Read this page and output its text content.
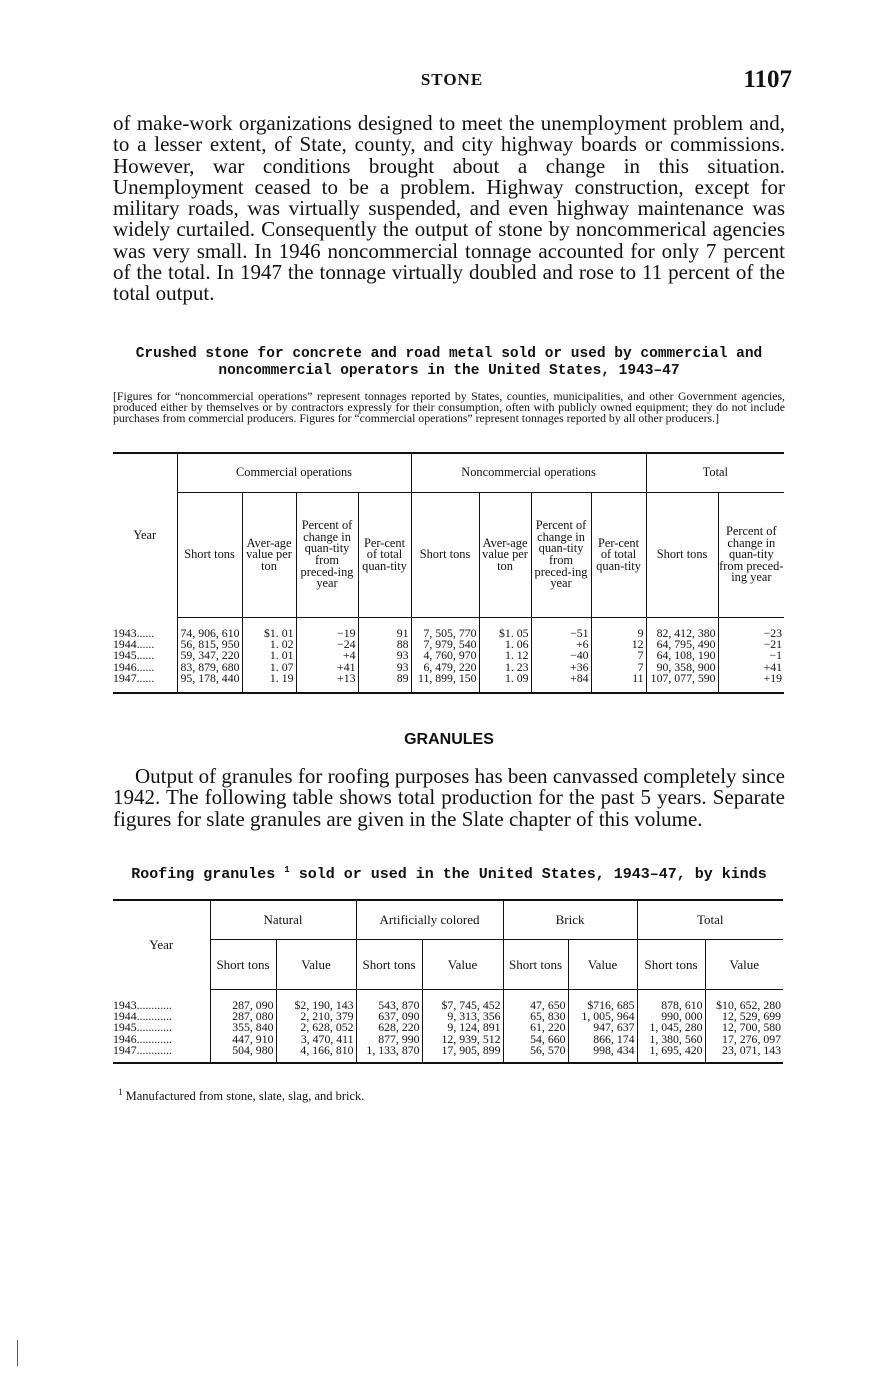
STONE	1107

of make-work organizations designed to meet the unemployment problem and, to a lesser extent, of State, county, and city highway boards or commissions. However, war conditions brought about a change in this situation. Unemployment ceased to be a problem. Highway construction, except for military roads, was virtually suspended, and even highway maintenance was widely curtailed. Consequently the output of stone by noncommerical agencies was very small. In 1946 noncommercial tonnage accounted for only 7 percent of the total. In 1947 the tonnage virtually doubled and rose to 11 percent of the total output.

Crushed stone for concrete and road metal sold or used by commercial and
noncommercial operators in the United States, 1943–47

[Figures for “noncommercial operations” represent tonnages reported by States, counties, municipalities, and other Government agencies, produced either by themselves or by contractors expressly for their consumption, often with publicly owned equipment; they do not include purchases from commercial producers. Figures for “commercial operations” represent tonnages reported by all other producers.]

Year	Commercial operations				Noncommercial operations				Total	
	Short tons	Aver-age value per ton	Percent of change in quan-tity from preced-ing year	Per-cent of total quan-tity	Short tons	Aver-age value per ton	Percent of change in quan-tity from preced-ing year	Per-cent of total quan-tity	Short tons	Percent of change in quan-tity from preced-ing year
1943......	74, 906, 610	$1. 01	−19	91	7, 505, 770	$1. 05	−51	9	82, 412, 380	−23
1944......	56, 815, 950	1. 02	−24	88	7, 979, 540	1. 06	+6	12	64, 795, 490	−21
1945......	59, 347, 220	1. 01	+4	93	4, 760, 970	1. 12	−40	7	64, 108, 190	−1
1946......	83, 879, 680	1. 07	+41	93	6, 479, 220	1. 23	+36	7	90, 358, 900	+41
1947......	95, 178, 440	1. 19	+13	89	11, 899, 150	1. 09	+84	11	107, 077, 590	+19
GRANULES

Output of granules for roofing purposes has been canvassed completely since 1942. The following table shows total production for the past 5 years. Separate figures for slate granules are given in the Slate chapter of this volume.

Roofing granules $^1$ sold or used in the United States, 1943–47, by kinds

Year	Natural		Artificially colored		Brick		Total	
	Short tons	Value	Short tons	Value	Short tons	Value	Short tons	Value
1943............	287, 090	$2, 190, 143	543, 870	$7, 745, 452	47, 650	$716, 685	878, 610	$10, 652, 280
1944............	287, 080	2, 210, 379	637, 090	9, 313, 356	65, 830	1, 005, 964	990, 000	12, 529, 699
1945............	355, 840	2, 628, 052	628, 220	9, 124, 891	61, 220	947, 637	1, 045, 280	12, 700, 580
1946............	447, 910	3, 470, 411	877, 990	12, 939, 512	54, 660	866, 174	1, 380, 560	17, 276, 097
1947............	504, 980	4, 166, 810	1, 133, 870	17, 905, 899	56, 570	998, 434	1, 695, 420	23, 071, 143

$^1$ Manufactured from stone, slate, slag, and brick.
